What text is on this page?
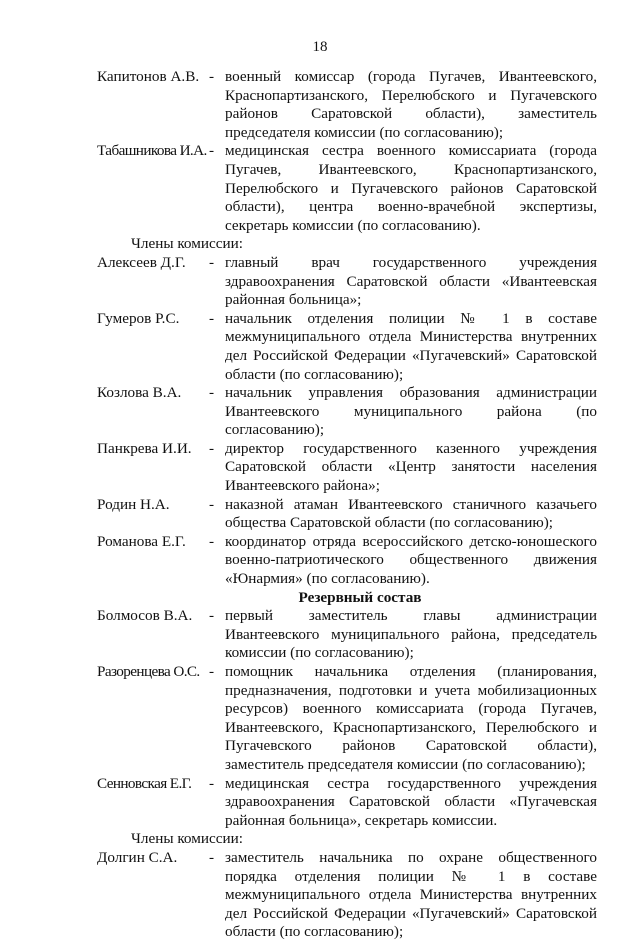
18
Капитонов А.В. - военный комиссар (города Пугачев, Ивантеевского, Краснопартизанского, Перелюбского и Пугачевского районов Саратовской области), заместитель председателя комиссии (по согласованию);
Табашникова И.А. - медицинская сестра военного комиссариата (города Пугачев, Ивантеевского, Краснопартизанского, Перелюбского и Пугачевского районов Саратовской области), центра военно-врачебной экспертизы, секретарь комиссии (по согласованию).
Члены комиссии:
Алексеев Д.Г.	- главный врач государственного учреждения здравоохранения Саратовской области «Ивантеевская районная больница»;
Гумеров Р.С.	- начальник отделения полиции № 1 в составе межмуниципального отдела Министерства внутренних дел Российской Федерации «Пугачевский» Саратовской области (по согласованию);
Козлова В.А.	- начальник управления образования администрации Ивантеевского муниципального района (по согласованию);
Панкрева И.И.	- директор государственного казенного учреждения Саратовской области «Центр занятости населения Ивантеевского района»;
Родин Н.А.	- наказной атаман Ивантеевского станичного казачьего общества Саратовской области (по согласованию);
Романова Е.Г.	- координатор отряда всероссийского детско-юношеского военно-патриотического общественного движения «Юнармия» (по согласованию).
Резервный состав
Болмосов В.А.	- первый заместитель главы администрации Ивантеевского муниципального района, председатель комиссии (по согласованию);
Разоренцева О.С. - помощник начальника отделения (планирования, предназначения, подготовки и учета мобилизационных ресурсов) военного комиссариата (города Пугачев, Ивантеевского, Краснопартизанского, Перелюбского и Пугачевского районов Саратовской области), заместитель председателя комиссии (по согласованию);
Сенновская Е.Г.	- медицинская сестра государственного учреждения здравоохранения Саратовской области «Пугачевская районная больница», секретарь комиссии.
Члены комиссии:
Долгин С.А.	- заместитель начальника по охране общественного порядка отделения полиции № 1 в составе межмуниципального отдела Министерства внутренних дел Российской Федерации «Пугачевский» Саратовской области (по согласованию);
